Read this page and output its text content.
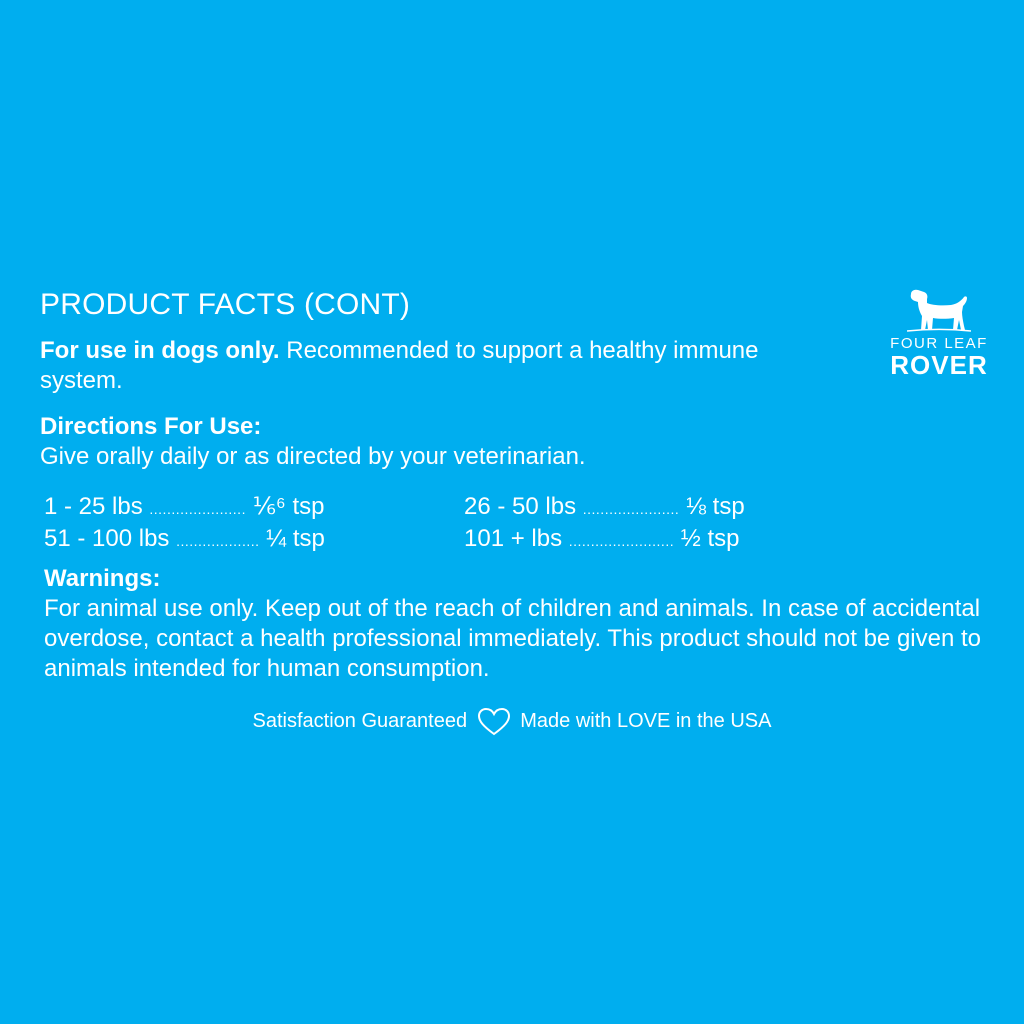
PRODUCT FACTS (CONT)
For use in dogs only. Recommended to support a healthy immune system.
Directions For Use:
Give orally daily or as directed by your veterinarian.
1 - 25 lbs ...................... ⅙⁶ tsp
51 - 100 lbs ................... ¼ tsp
26 - 50 lbs ...................... ⅛ tsp
101 + lbs ........................ ½ tsp
Warnings:
For animal use only. Keep out of the reach of children and animals. In case of accidental overdose, contact a health professional immediately. This product should not be given to animals intended for human consumption.
Satisfaction Guaranteed	Made with LOVE in the USA
FOUR LEAF
ROVER
